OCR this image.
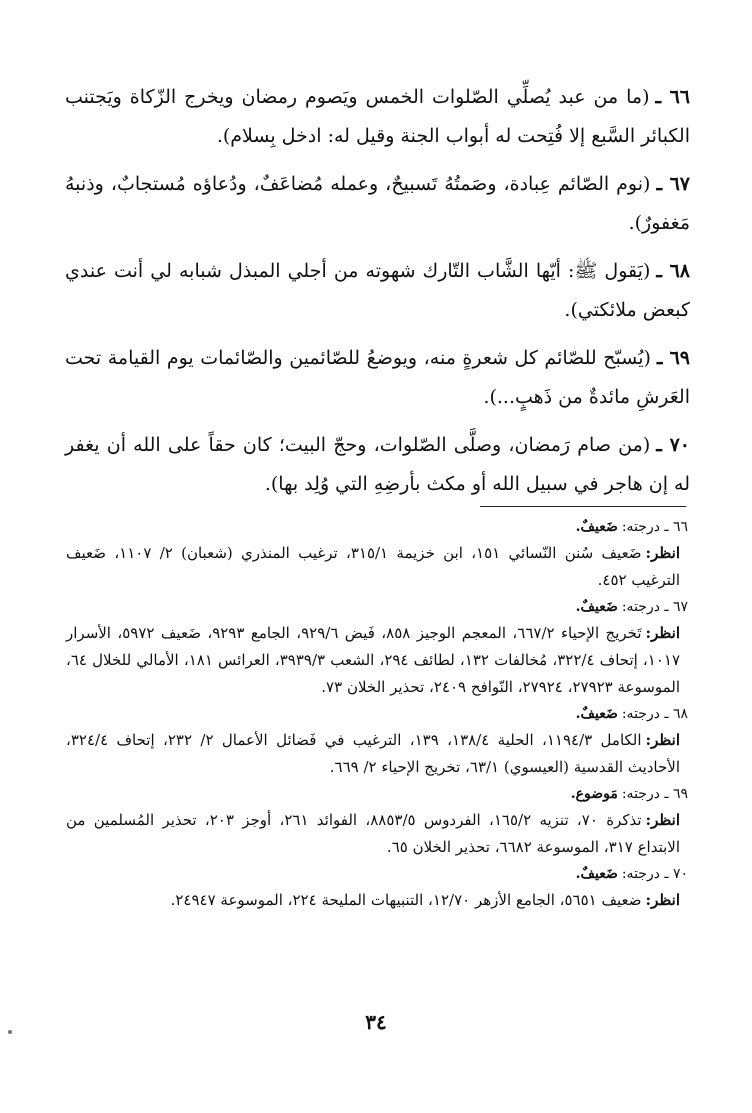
٦٦ ـ(ما من عبد يُصلِّي الصّلوات الخمس ويَصوم رمضان ويخرج الزّكاة ويَجتنب الكبائر السَّبع إلا فُتِحت له أبواب الجنة وقيل له: ادخل بِسلام).

٦٧ ـ(نوم الصّائم عِبادة، وصَمتُهُ تَسبيحٌ، وعمله مُضاعَفٌ، ودُعاؤه مُستجابٌ، وذنبهُ مَغفورٌ).

٦٨ ـ(يَقول ﷺ: أيّها الشَّاب التّارك شهوته من أجلي المبذل شبابه لي أنت عندي كبعض ملائكتي).

٦٩ ـ(يُسبّح للصّائم كل شعرةٍ منه، ويوضعُ للصّائمين والصّائمات يوم القيامة تحت العَرشِ مائدةٌ من ذَهبٍ...).

٧٠ ـ(من صام رَمضان، وصلَّى الصّلوات، وحجّ البيت؛ كان حقاً على الله أن يغفر له إن هاجر في سبيل الله أو مكث بأرضِهِ التي وُلِد بها).

٦٦ ـ درجته:ضَعيفٌ.
انظر:ضَعيف سُنن النّسائي ١٥١، ابن خزيمة ٣١٥/١، ترغيب المنذري (شعبان) ٢/ ١١٠٧، ضَعيف الترغيب ٤٥٢.
٦٧ ـ درجته:ضَعيفٌ.
انظر:تَخريج الإحياء ٦٦٧/٢، المعجم الوجيز ٨٥٨، فَيض ٩٢٩/٦، الجامع ٩٢٩٣، ضَعيف ٥٩٧٢، الأسرار ١٠١٧، إتحاف ٣٢٢/٤، مُخالفات ١٣٢، لطائف ٢٩٤، الشعب ٣٩٣٩/٣، العرائس ١٨١، الأمالي للخلال ٦٤، الموسوعة ٢٧٩٢٣، ٢٧٩٢٤، النّوافح ٢٤٠٩، تحذير الخلان ٧٣.
٦٨ ـ درجته:ضَعيفٌ.
انظر:الكامل ١١٩٤/٣، الحلية ١٣٨/٤، ١٣٩، الترغيب في فَضائل الأعمال ٢/ ٢٣٢، إتحاف ٣٢٤/٤، الأحاديث القدسية (العيسوي) ٦٣/١، تخريج الإحياء ٢/ ٦٦٩.
٦٩ ـ درجته:مَوضوع.
انظر:تذكرة ٧٠، تنزيه ١٦٥/٢، الفردوس ٨٨٥٣/٥، الفوائد ٢٦١، أوجز ٢٠٣، تحذير المُسلمين من الابتداع ٣١٧، الموسوعة ٦٦٨٢، تحذير الخلان ٦٥.
٧٠ ـ درجته:ضَعيفٌ.
انظر:ضعيف ٥٦٥١، الجامع الأزهر ١٢/٧٠، التنبيهات المليحة ٢٢٤، الموسوعة ٢٤٩٤٧.
٣٤
